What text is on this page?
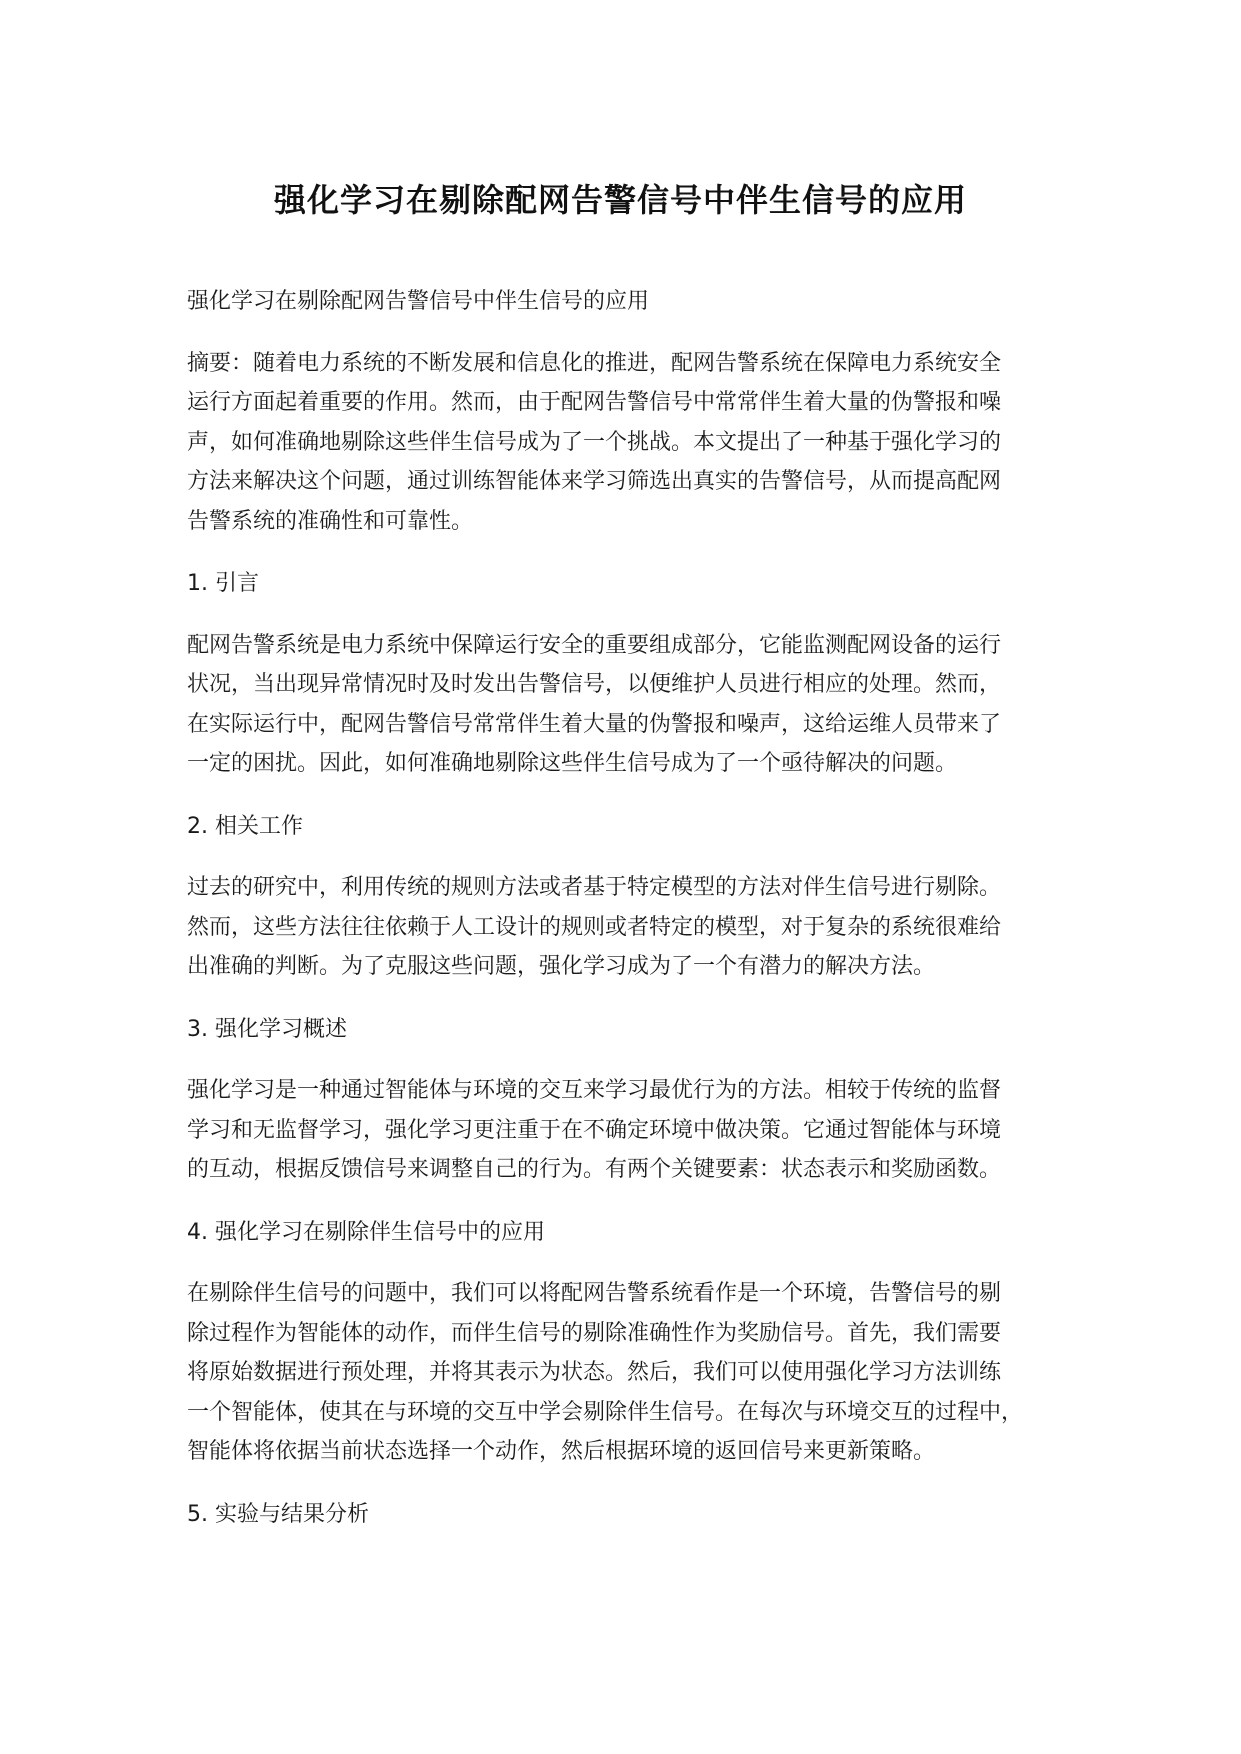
强化学习在剔除配网告警信号中伴生信号的应用

强化学习在剔除配网告警信号中伴生信号的应用

摘要：随着电力系统的不断发展和信息化的推进，配网告警系统在保障电力系统安全
运行方面起着重要的作用。然而，由于配网告警信号中常常伴生着大量的伪警报和噪
声，如何准确地剔除这些伴生信号成为了一个挑战。本文提出了一种基于强化学习的
方法来解决这个问题，通过训练智能体来学习筛选出真实的告警信号，从而提高配网
告警系统的准确性和可靠性。

1. 引言

配网告警系统是电力系统中保障运行安全的重要组成部分，它能监测配网设备的运行
状况，当出现异常情况时及时发出告警信号，以便维护人员进行相应的处理。然而，
在实际运行中，配网告警信号常常伴生着大量的伪警报和噪声，这给运维人员带来了
一定的困扰。因此，如何准确地剔除这些伴生信号成为了一个亟待解决的问题。

2. 相关工作

过去的研究中，利用传统的规则方法或者基于特定模型的方法对伴生信号进行剔除。
然而，这些方法往往依赖于人工设计的规则或者特定的模型，对于复杂的系统很难给
出准确的判断。为了克服这些问题，强化学习成为了一个有潜力的解决方法。

3. 强化学习概述

强化学习是一种通过智能体与环境的交互来学习最优行为的方法。相较于传统的监督
学习和无监督学习，强化学习更注重于在不确定环境中做决策。它通过智能体与环境
的互动，根据反馈信号来调整自己的行为。有两个关键要素：状态表示和奖励函数。

4. 强化学习在剔除伴生信号中的应用

在剔除伴生信号的问题中，我们可以将配网告警系统看作是一个环境，告警信号的剔
除过程作为智能体的动作，而伴生信号的剔除准确性作为奖励信号。首先，我们需要
将原始数据进行预处理，并将其表示为状态。然后，我们可以使用强化学习方法训练
一个智能体，使其在与环境的交互中学会剔除伴生信号。在每次与环境交互的过程中，
智能体将依据当前状态选择一个动作，然后根据环境的返回信号来更新策略。

5. 实验与结果分析
